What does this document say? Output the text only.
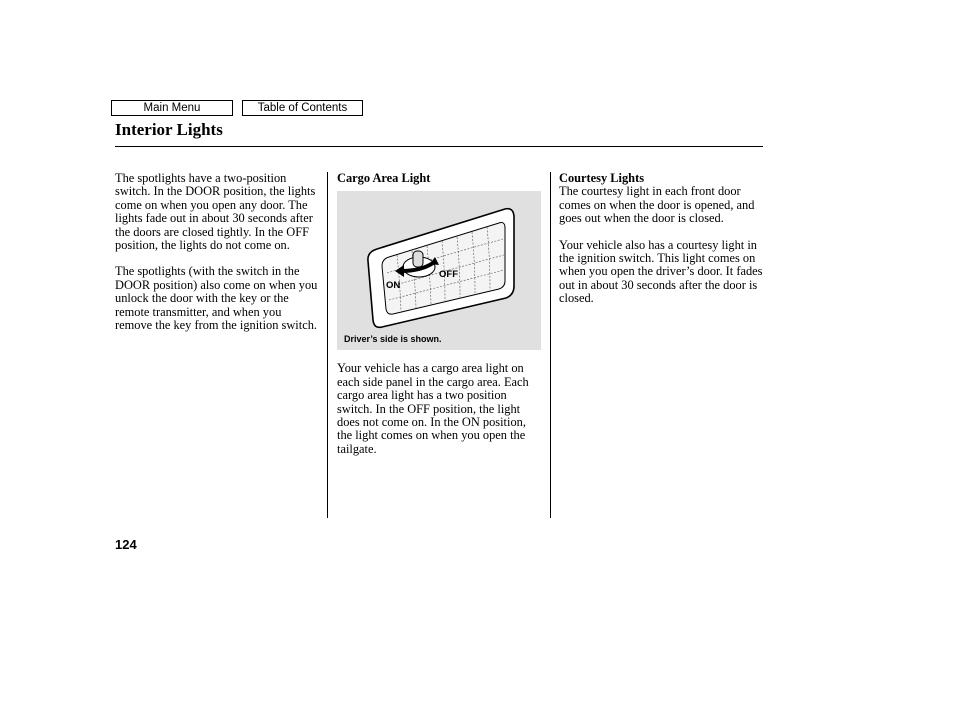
Main Menu	Table of Contents
Interior Lights

The spotlights have a two-position switch. In the DOOR position, the lights come on when you open any door. The lights fade out in about 30 seconds after the doors are closed tightly. In the OFF position, the lights do not come on.

The spotlights (with the switch in the DOOR position) also come on when you unlock the door with the key or the remote transmitter, and when you remove the key from the ignition switch.

Cargo Area Light

ON
OFF
Driver’s side is shown.

Your vehicle has a cargo area light on each side panel in the cargo area. Each cargo area light has a two position switch. In the OFF position, the light does not come on. In the ON position, the light comes on when you open the tailgate.

Courtesy Lights

The courtesy light in each front door comes on when the door is opened, and goes out when the door is closed.

Your vehicle also has a courtesy light in the ignition switch. This light comes on when you open the driver’s door. It fades out in about 30 seconds after the door is closed.

124
